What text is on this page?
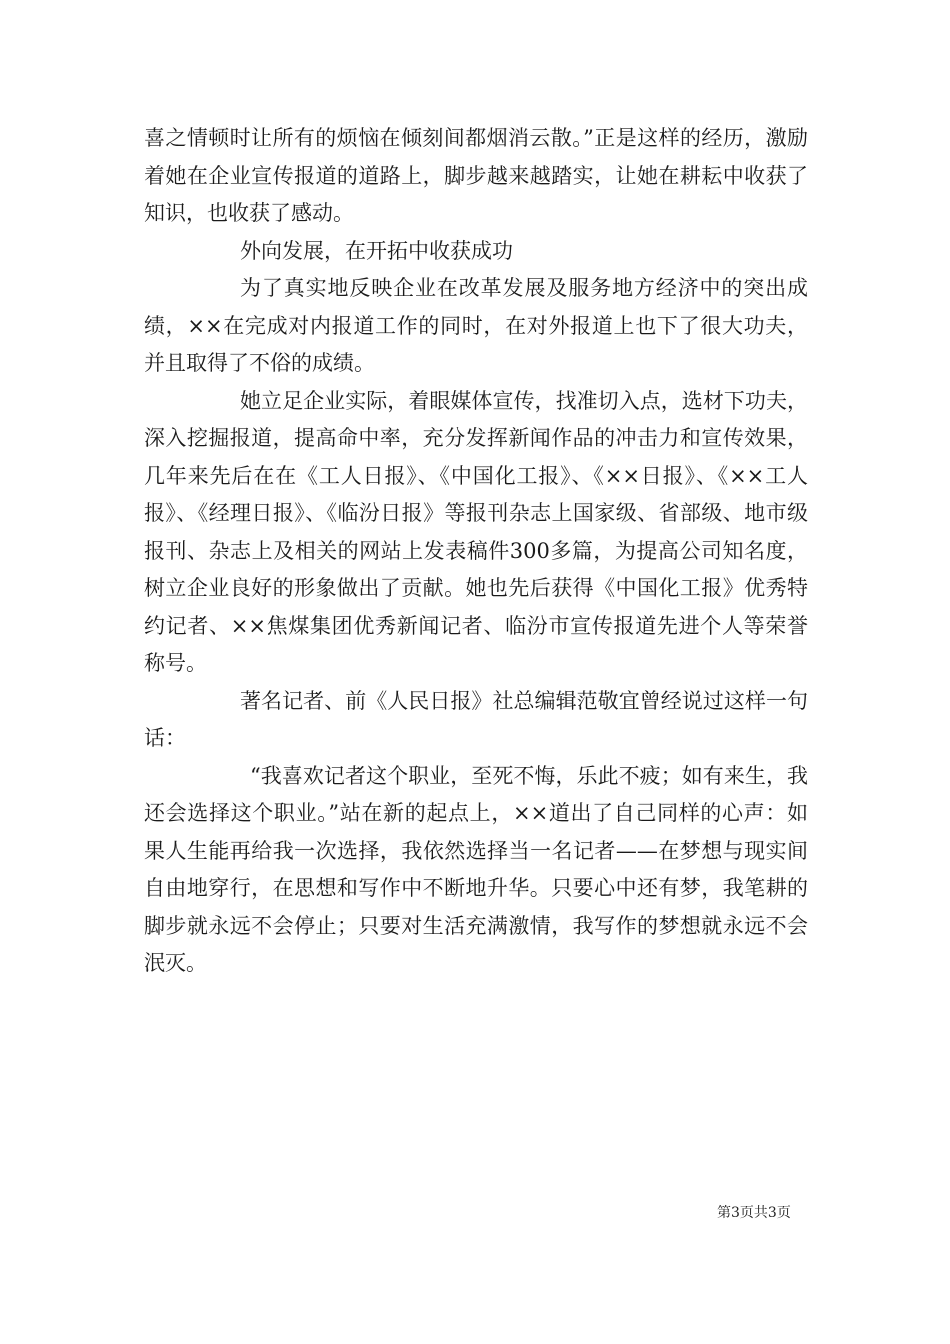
喜之情顿时让所有的烦恼在倾刻间都烟消云散。”正是这样的经历，激励着她在企业宣传报道的道路上，脚步越来越踏实，让她在耕耘中收获了知识，也收获了感动。

外向发展，在开拓中收获成功

为了真实地反映企业在改革发展及服务地方经济中的突出成绩，××在完成对内报道工作的同时，在对外报道上也下了很大功夫，并且取得了不俗的成绩。

她立足企业实际，着眼媒体宣传，找准切入点，选材下功夫，深入挖掘报道，提高命中率，充分发挥新闻作品的冲击力和宣传效果，几年来先后在在《工人日报》、《中国化工报》、《××日报》、《××工人报》、《经理日报》、《临汾日报》等报刊杂志上国家级、省部级、地市级报刊、杂志上及相关的网站上发表稿件300多篇，为提高公司知名度，树立企业良好的形象做出了贡献。她也先后获得《中国化工报》优秀特约记者、××焦煤集团优秀新闻记者、临汾市宣传报道先进个人等荣誉称号。

著名记者、前《人民日报》社总编辑范敬宜曾经说过这样一句话：

“我喜欢记者这个职业，至死不悔，乐此不疲；如有来生，我还会选择这个职业。”站在新的起点上，××道出了自己同样的心声：如果人生能再给我一次选择，我依然选择当一名记者——在梦想与现实间自由地穿行，在思想和写作中不断地升华。只要心中还有梦，我笔耕的脚步就永远不会停止；只要对生活充满激情，我写作的梦想就永远不会泯灭。

第3页共3页
